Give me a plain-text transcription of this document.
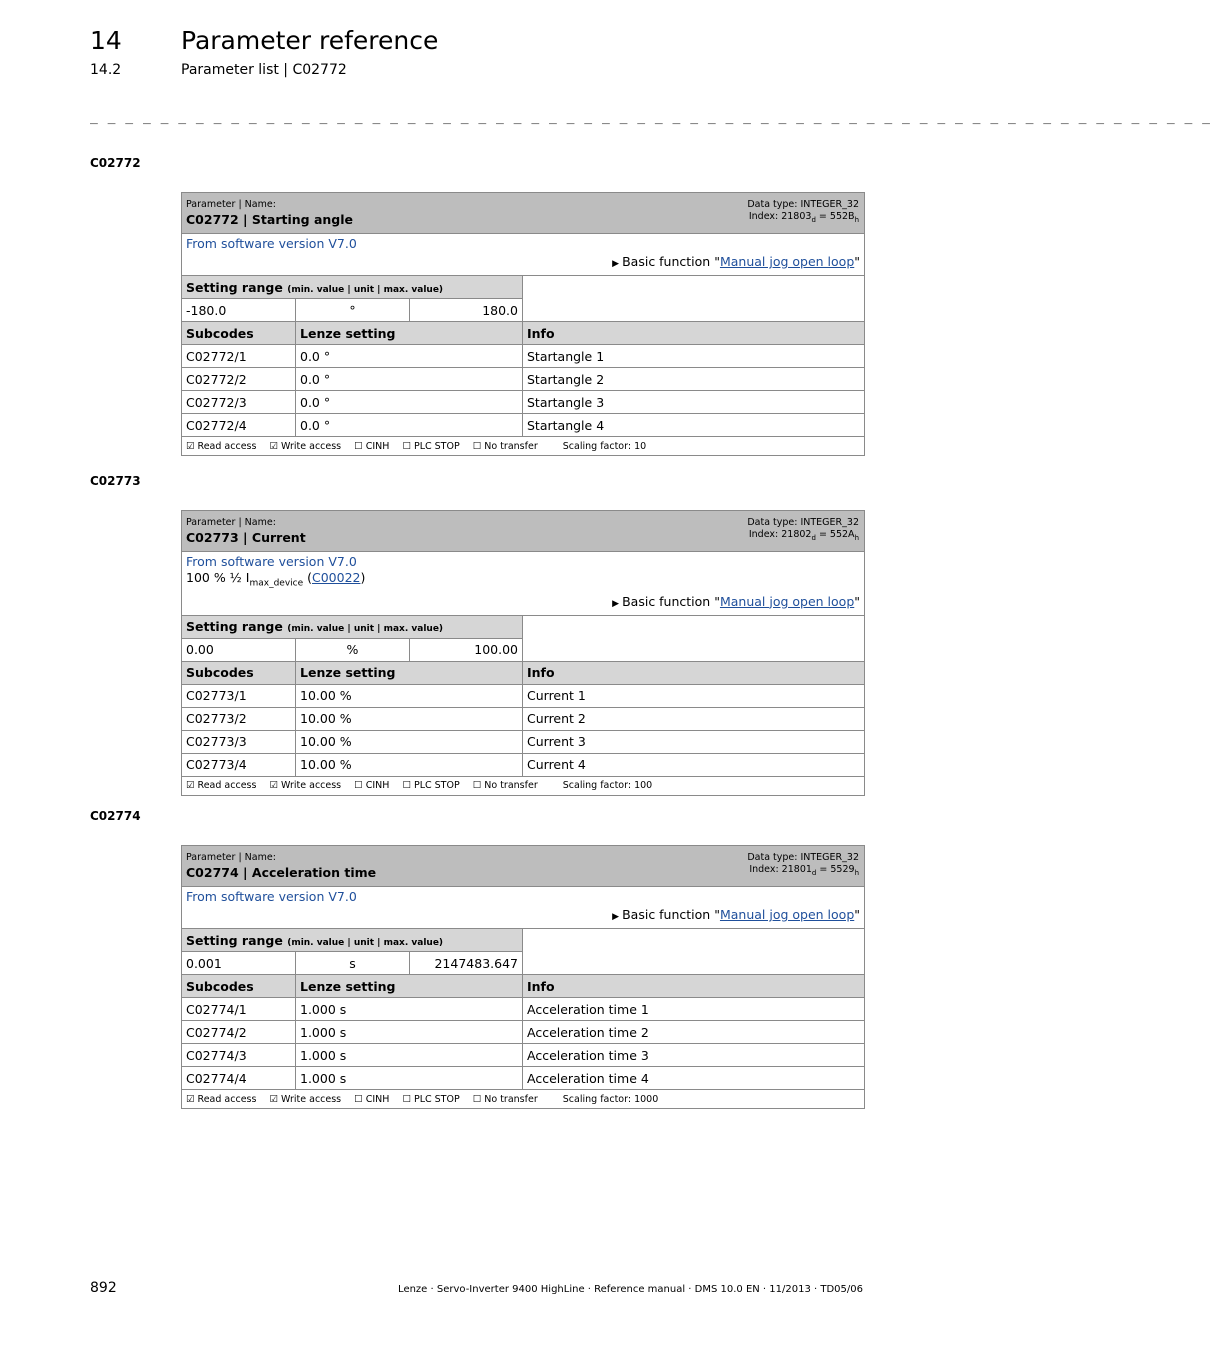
14 Parameter reference
14.2	Parameter list | C02772
_ _ _ _ _ _ _ _ _ _ _ _ _ _ _ _ _ _ _ _ _ _ _ _ _ _ _ _ _ _ _ _ _ _ _ _ _ _ _ _ _ _ _ _ _ _ _ _ _ _ _ _ _ _ _ _ _ _ _ _ _ _ _ _
C02772
Parameter | Name:
C02772 | Starting angle
Data type: INTEGER_32
Index: $21803_d = 552B_h$

From software version V7.0
▶ Basic function "Manual jog open loop"			

Setting range (min. value | unit | max. value)			
-180.0	°	180.0	
Subcodes	Lenze setting		Info
C02772/1	0.0 °		Startangle 1
C02772/2	0.0 °		Startangle 2
C02772/3	0.0 °		Startangle 3
C02772/4	0.0 °		Startangle 4
☑ Read access ☑ Write access ☐ CINH ☐ PLC STOP ☐ No transfer Scaling factor: 10			
C02773
Parameter | Name:
C02773 | Current
Data type: INTEGER_32
Index: $21802_d = 552A_h$

From software version V7.0
100 % ½ $I_{max\_device}$ (C00022)
▶ Basic function "Manual jog open loop"			

Setting range (min. value | unit | max. value)			
0.00	%	100.00	
Subcodes	Lenze setting		Info
C02773/1	10.00 %		Current 1
C02773/2	10.00 %		Current 2
C02773/3	10.00 %		Current 3
C02773/4	10.00 %		Current 4
☑ Read access ☑ Write access ☐ CINH ☐ PLC STOP ☐ No transfer Scaling factor: 100			
C02774
Parameter | Name:
C02774 | Acceleration time
Data type: INTEGER_32
Index: $21801_d = 5529_h$

From software version V7.0
▶ Basic function "Manual jog open loop"			

Setting range (min. value | unit | max. value)			
0.001	s	2147483.647	
Subcodes	Lenze setting		Info
C02774/1	1.000 s		Acceleration time 1
C02774/2	1.000 s		Acceleration time 2
C02774/3	1.000 s		Acceleration time 3
C02774/4	1.000 s		Acceleration time 4
☑ Read access ☑ Write access ☐ CINH ☐ PLC STOP ☐ No transfer Scaling factor: 1000			
892	Lenze · Servo-Inverter 9400 HighLine · Reference manual · DMS 10.0 EN · 11/2013 · TD05/06
